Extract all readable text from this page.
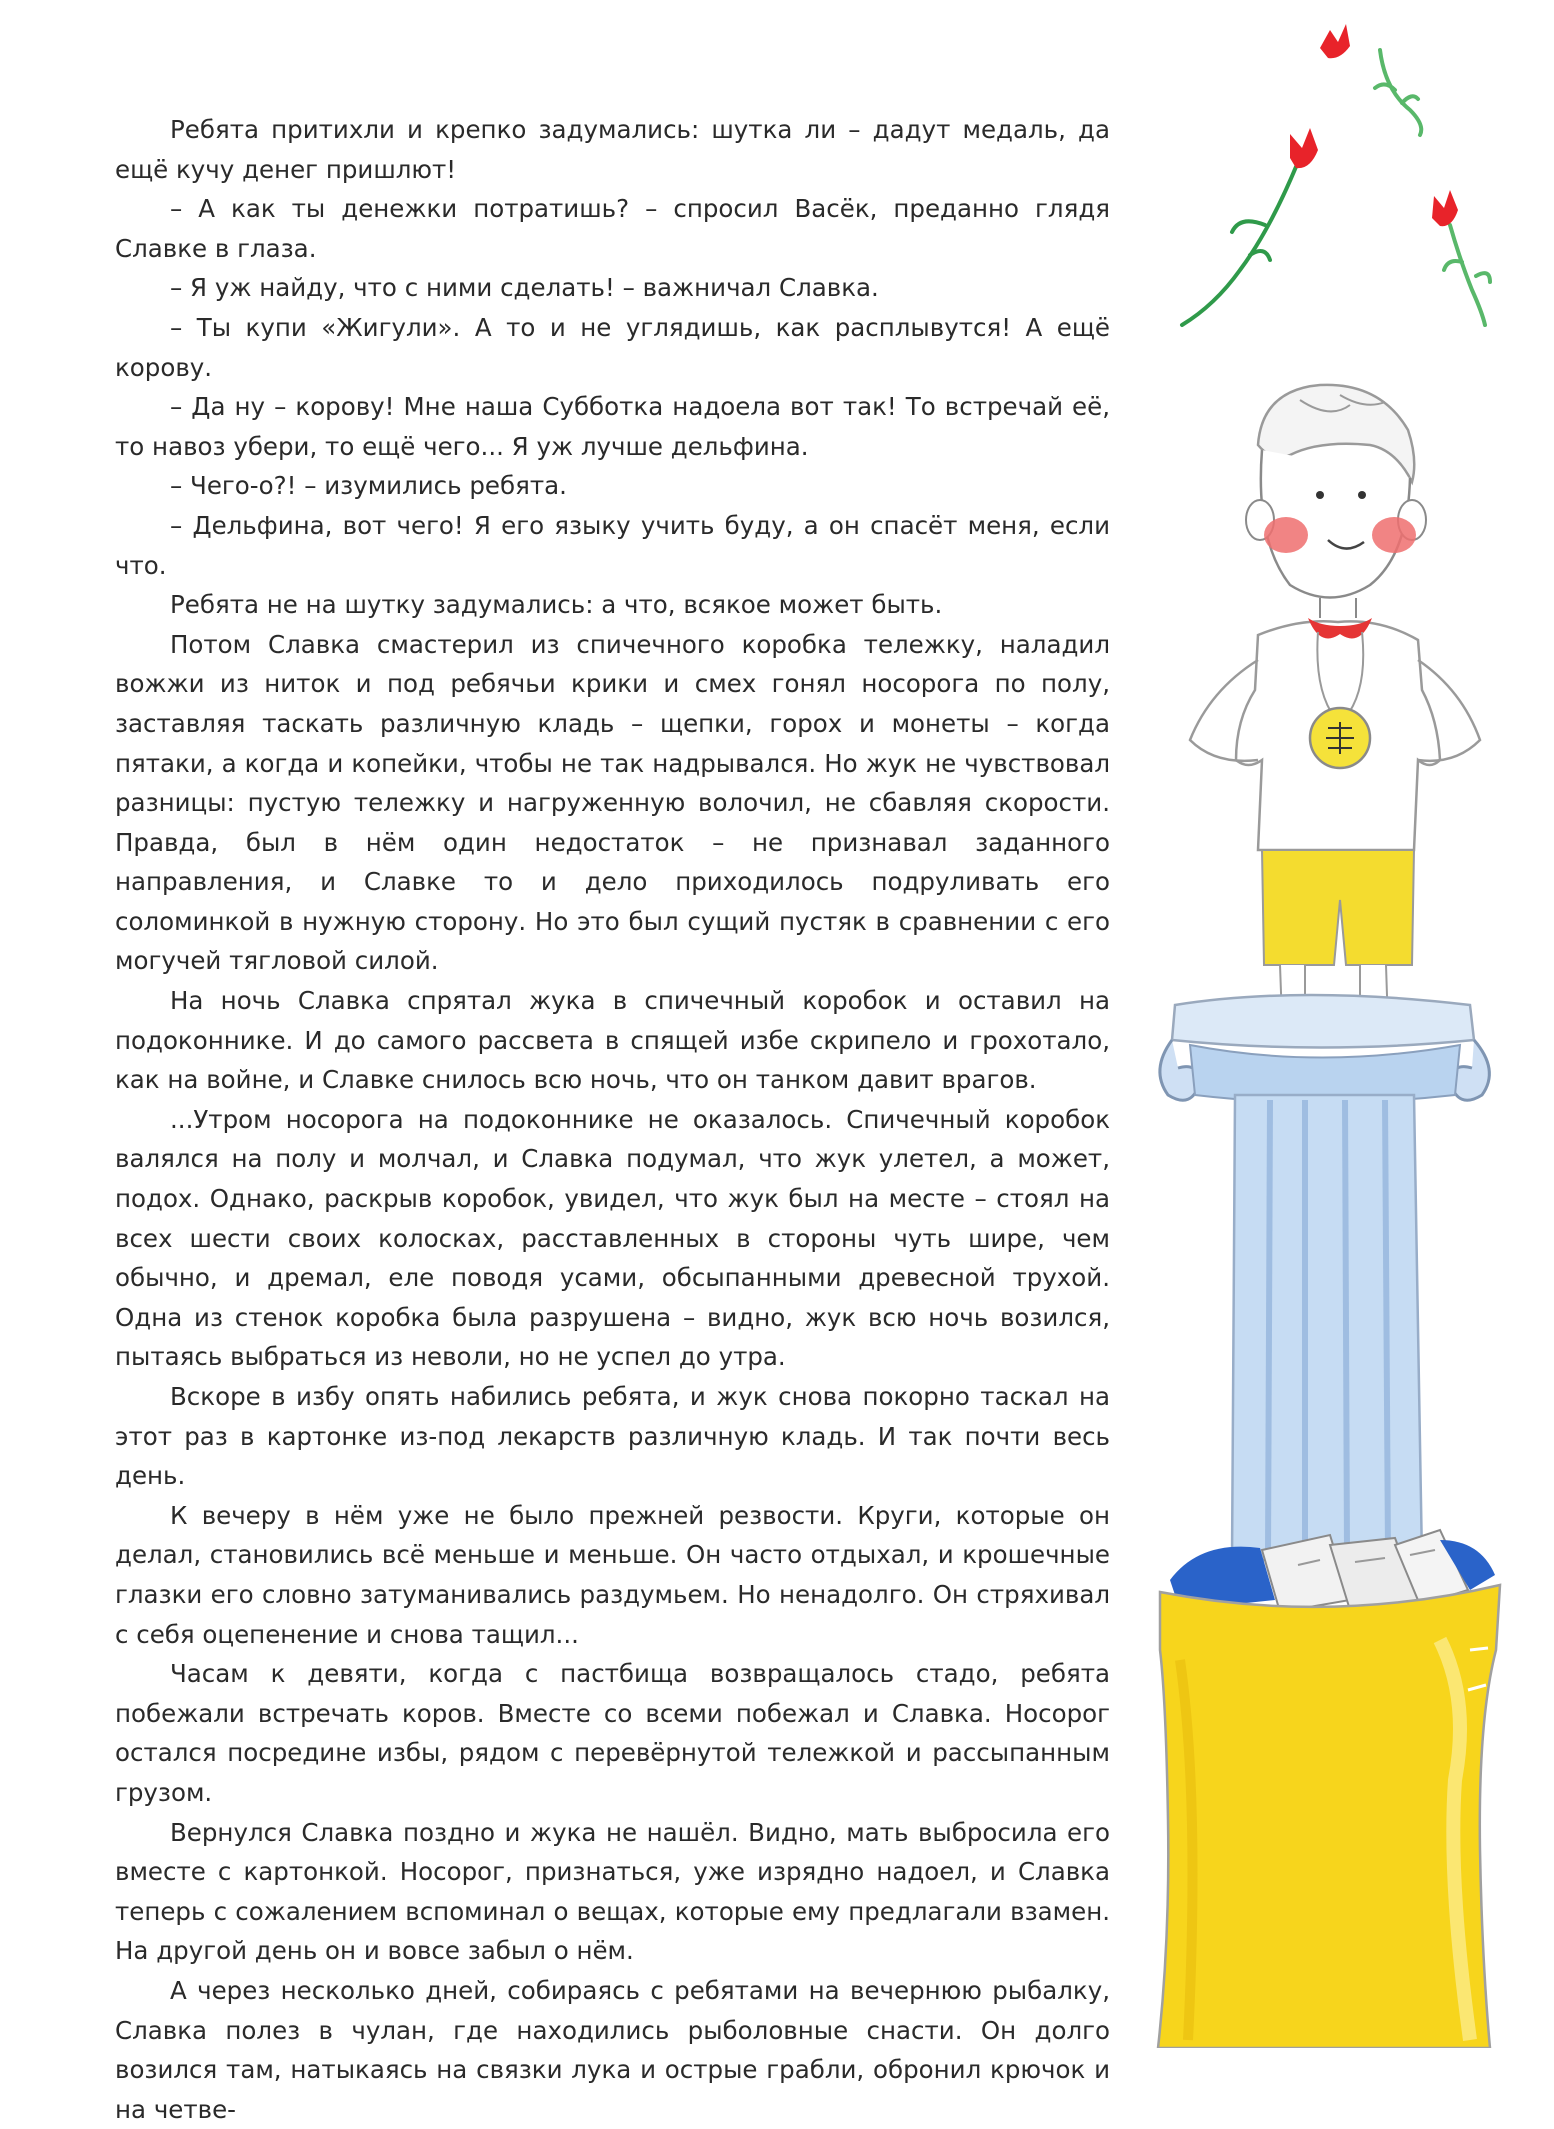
Ребята притихли и крепко задумались: шутка ли – дадут медаль, да ещё кучу денег пришлют!

– А как ты денежки потратишь? – спросил Васёк, преданно глядя Славке в глаза.

– Я уж найду, что с ними сделать! – важничал Славка.

– Ты купи «Жигули». А то и не углядишь, как расплывутся! А ещё корову.

– Да ну – корову! Мне наша Субботка надоела вот так! То встречай её, то навоз убери, то ещё чего... Я уж лучше дельфина.

– Чего-о?! – изумились ребята.

– Дельфина, вот чего! Я его языку учить буду, а он спасёт меня, если что.

Ребята не на шутку задумались: а что, всякое может быть.

Потом Славка смастерил из спичечного коробка тележку, наладил вожжи из ниток и под ребячьи крики и смех гонял носорога по полу, заставляя таскать различную кладь – щепки, горох и монеты – когда пятаки, а когда и копейки, чтобы не так надрывался. Но жук не чувствовал разницы: пустую тележку и нагруженную волочил, не сбавляя скорости. Правда, был в нём один недостаток – не признавал заданного направления, и Славке то и дело приходилось подруливать его соломинкой в нужную сторону. Но это был сущий пустяк в сравнении с его могучей тягловой силой.

На ночь Славка спрятал жука в спичечный коробок и оставил на подоконнике. И до самого рассвета в спящей избе скрипело и грохотало, как на войне, и Славке снилось всю ночь, что он танком давит врагов.

...Утром носорога на подоконнике не оказалось. Спичечный коробок валялся на полу и молчал, и Славка подумал, что жук улетел, а может, подох. Однако, раскрыв коробок, увидел, что жук был на месте – стоял на всех шести своих колосках, расставленных в стороны чуть шире, чем обычно, и дремал, еле поводя усами, обсыпанными древесной трухой. Одна из стенок коробка была разрушена – видно, жук всю ночь возился, пытаясь выбраться из неволи, но не успел до утра.

Вскоре в избу опять набились ребята, и жук снова покорно таскал на этот раз в картонке из-под лекарств различную кладь. И так почти весь день.

К вечеру в нём уже не было прежней резвости. Круги, которые он делал, становились всё меньше и меньше. Он часто отдыхал, и крошечные глазки его словно затуманивались раздумьем. Но ненадолго. Он стряхивал с себя оцепенение и снова тащил...

Часам к девяти, когда с пастбища возвращалось стадо, ребята побежали встречать коров. Вместе со всеми побежал и Славка. Носорог остался посредине избы, рядом с перевёрнутой тележкой и рассыпанным грузом.

Вернулся Славка поздно и жука не нашёл. Видно, мать выбросила его вместе с картонкой. Носорог, признаться, уже изрядно надоел, и Славка теперь с сожалением вспоминал о вещах, которые ему предлагали взамен. На другой день он и вовсе забыл о нём.

А через несколько дней, собираясь с ребятами на вечернюю рыбалку, Славка полез в чулан, где находились рыболовные снасти. Он долго возился там, натыкаясь на связки лука и острые грабли, обронил крючок и на четве-
